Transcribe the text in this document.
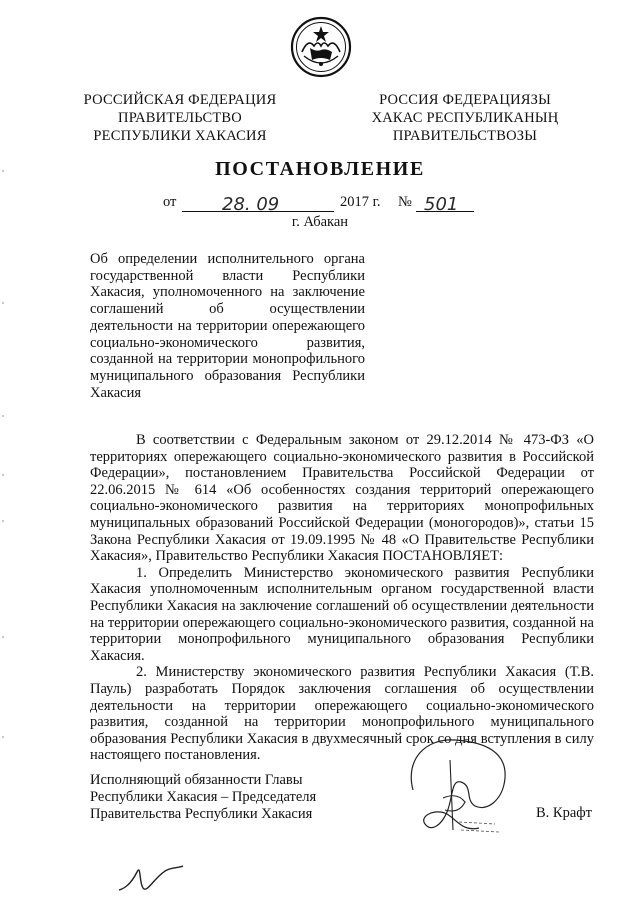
РОССИЙСКАЯ ФЕДЕРАЦИЯ
ПРАВИТЕЛЬСТВО
РЕСПУБЛИКИ ХАКАСИЯ
РОССИЯ ФЕДЕРАЦИЯЗЫ
ХАКАС РЕСПУБЛИКАНЫҢ
ПРАВИТЕЛЬСТВОЗЫ
ПОСТАНОВЛЕНИЕ
от	28. 09	2017 г. № 501
г. Абакан
Об определении исполнительного органа государственной власти Республики Хакасия, уполномоченного на заключение соглашений об осуществлении деятельности на территории опережающего социально-экономического развития, созданной на территории монопрофильного муниципального образования Республики Хакасия

В соответствии с Федеральным законом от 29.12.2014 № 473-ФЗ «О территориях опережающего социально-экономического развития в Российской Федерации», постановлением Правительства Российской Федерации от 22.06.2015 № 614 «Об особенностях создания территорий опережающего социально-экономического развития на территориях монопрофильных муниципальных образований Российской Федерации (моногородов)», статьи 15 Закона Республики Хакасия от 19.09.1995 № 48 «О Правительстве Республики Хакасия», Правительство Республики Хакасия ПОСТАНОВЛЯЕТ:

1. Определить Министерство экономического развития Республики Хакасия уполномоченным исполнительным органом государственной власти Республики Хакасия на заключение соглашений об осуществлении деятельности на территории опережающего социально-экономического развития, созданной на территории монопрофильного муниципального образования Республики Хакасия.

2. Министерству экономического развития Республики Хакасия (Т.В. Пауль) разработать Порядок заключения соглашения об осуществлении деятельности на территории опережающего социально-экономического развития, созданной на территории монопрофильного муниципального образования Республики Хакасия в двухмесячный срок со дня вступления в силу настоящего постановления.

Исполняющий обязанности Главы
Республики Хакасия – Председателя
Правительства Республики Хакасия	В. Крафт
